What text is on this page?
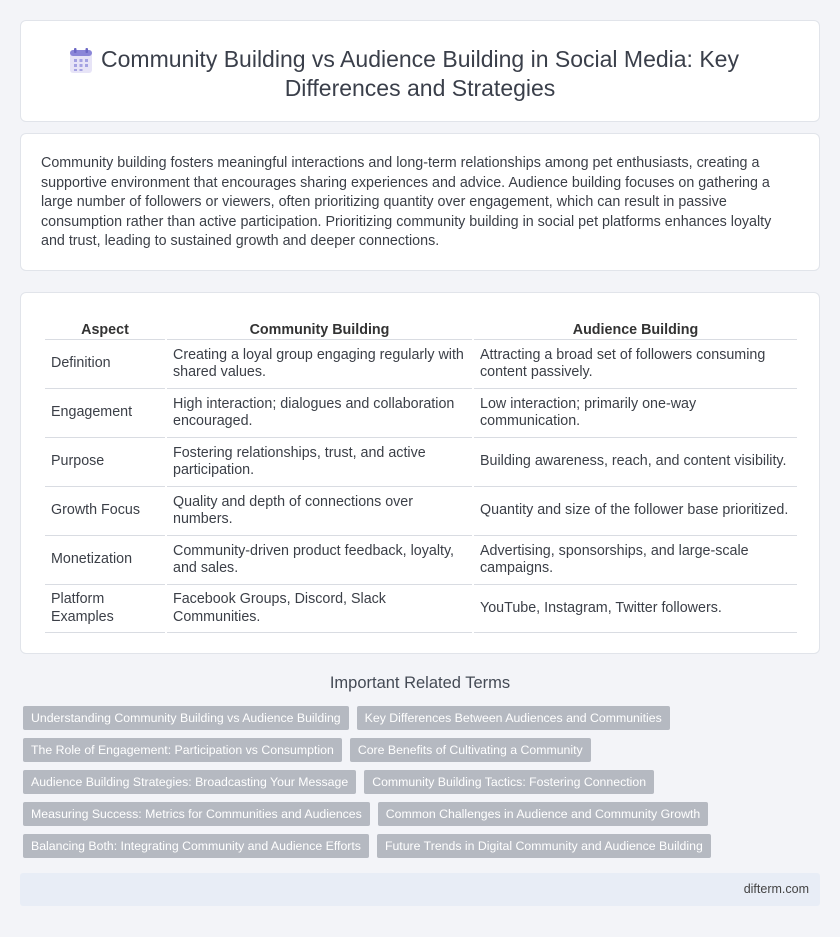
Community Building vs Audience Building in Social Media: Key Differences and Strategies

Community building fosters meaningful interactions and long-term relationships among pet enthusiasts, creating a supportive environment that encourages sharing experiences and advice. Audience building focuses on gathering a large number of followers or viewers, often prioritizing quantity over engagement, which can result in passive consumption rather than active participation. Prioritizing community building in social pet platforms enhances loyalty and trust, leading to sustained growth and deeper connections.

Aspect	Community Building	Audience Building
Definition	Creating a loyal group engaging regularly with shared values.	Attracting a broad set of followers consuming content passively.
Engagement	High interaction; dialogues and collaboration encouraged.	Low interaction; primarily one-way communication.
Purpose	Fostering relationships, trust, and active participation.	Building awareness, reach, and content visibility.
Growth Focus	Quality and depth of connections over numbers.	Quantity and size of the follower base prioritized.
Monetization	Community-driven product feedback, loyalty, and sales.	Advertising, sponsorships, and large-scale campaigns.
Platform Examples	Facebook Groups, Discord, Slack Communities.	YouTube, Instagram, Twitter followers.
Important Related Terms
Understanding Community Building vs Audience Building	Key Differences Between Audiences and Communities
The Role of Engagement: Participation vs Consumption	Core Benefits of Cultivating a Community
Audience Building Strategies: Broadcasting Your Message	Community Building Tactics: Fostering Connection
Measuring Success: Metrics for Communities and Audiences	Common Challenges in Audience and Community Growth
Balancing Both: Integrating Community and Audience Efforts	Future Trends in Digital Community and Audience Building
difterm.com
